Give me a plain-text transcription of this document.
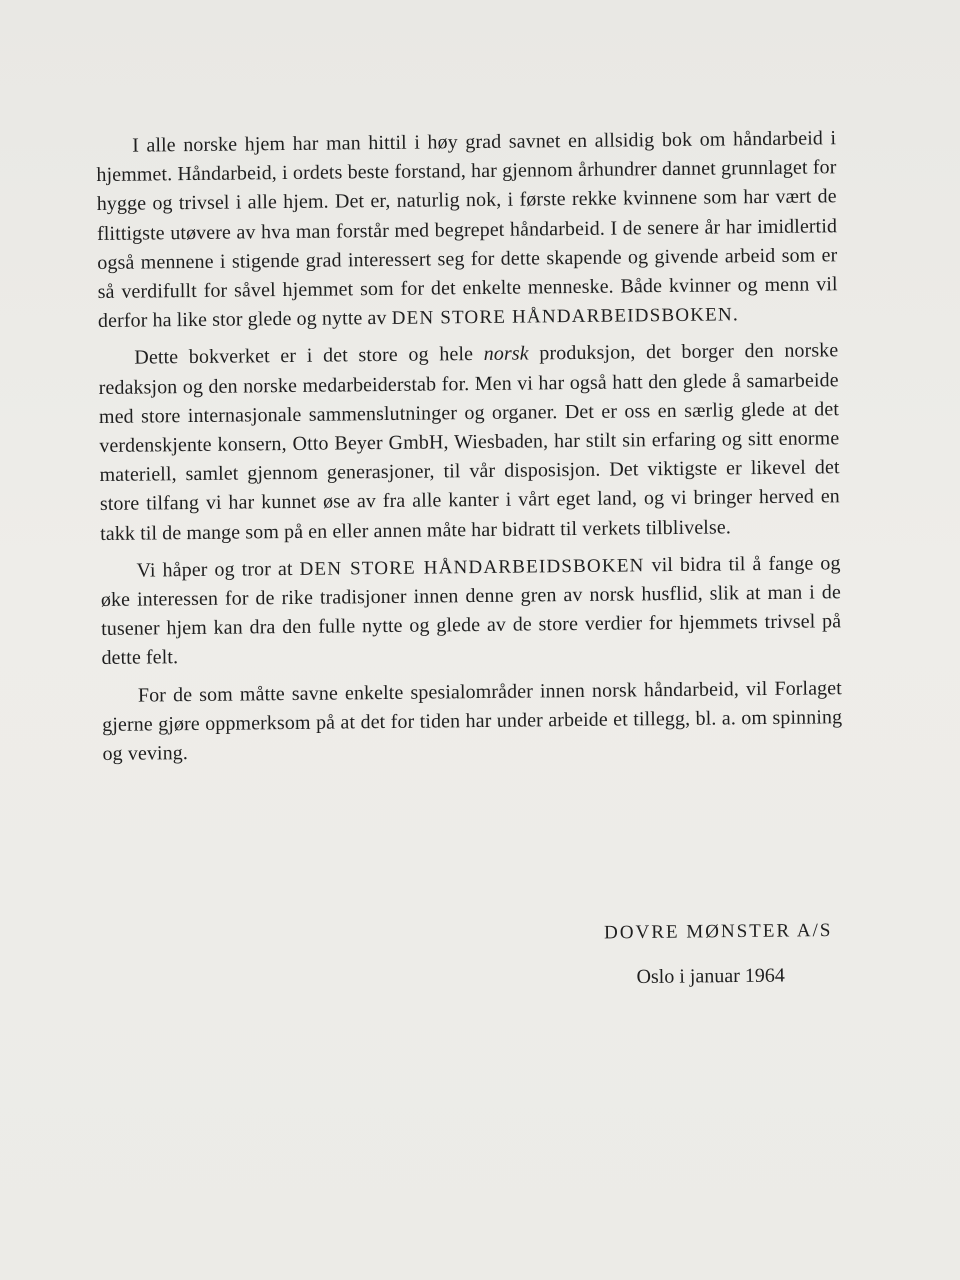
I alle norske hjem har man hittil i høy grad savnet en allsidig bok om håndarbeid i hjemmet. Håndarbeid, i ordets beste forstand, har gjennom århundrer dannet grunnlaget for hygge og trivsel i alle hjem. Det er, naturlig nok, i første rekke kvinnene som har vært de flittigste utøvere av hva man forstår med begrepet håndarbeid. I de senere år har imidlertid også mennene i stigende grad interessert seg for dette skapende og givende arbeid som er så verdifullt for såvel hjemmet som for det enkelte menneske. Både kvinner og menn vil derfor ha like stor glede og nytte av DEN STORE HÅNDARBEIDSBOKEN.

Dette bokverket er i det store og hele norsk produksjon, det borger den norske redaksjon og den norske medarbeiderstab for. Men vi har også hatt den glede å samarbeide med store internasjonale sammenslutninger og organer. Det er oss en særlig glede at det verdenskjente konsern, Otto Beyer GmbH, Wiesbaden, har stilt sin erfaring og sitt enorme materiell, samlet gjennom generasjoner, til vår disposisjon. Det viktigste er likevel det store tilfang vi har kunnet øse av fra alle kanter i vårt eget land, og vi bringer herved en takk til de mange som på en eller annen måte har bidratt til verkets tilblivelse.

Vi håper og tror at DEN STORE HÅNDARBEIDSBOKEN vil bidra til å fange og øke interessen for de rike tradisjoner innen denne gren av norsk husflid, slik at man i de tusener hjem kan dra den fulle nytte og glede av de store verdier for hjemmets trivsel på dette felt.

For de som måtte savne enkelte spesialområder innen norsk håndarbeid, vil Forlaget gjerne gjøre oppmerksom på at det for tiden har under arbeide et tillegg, bl. a. om spinning og veving.

DOVRE MØNSTER A/S
Oslo i januar 1964
